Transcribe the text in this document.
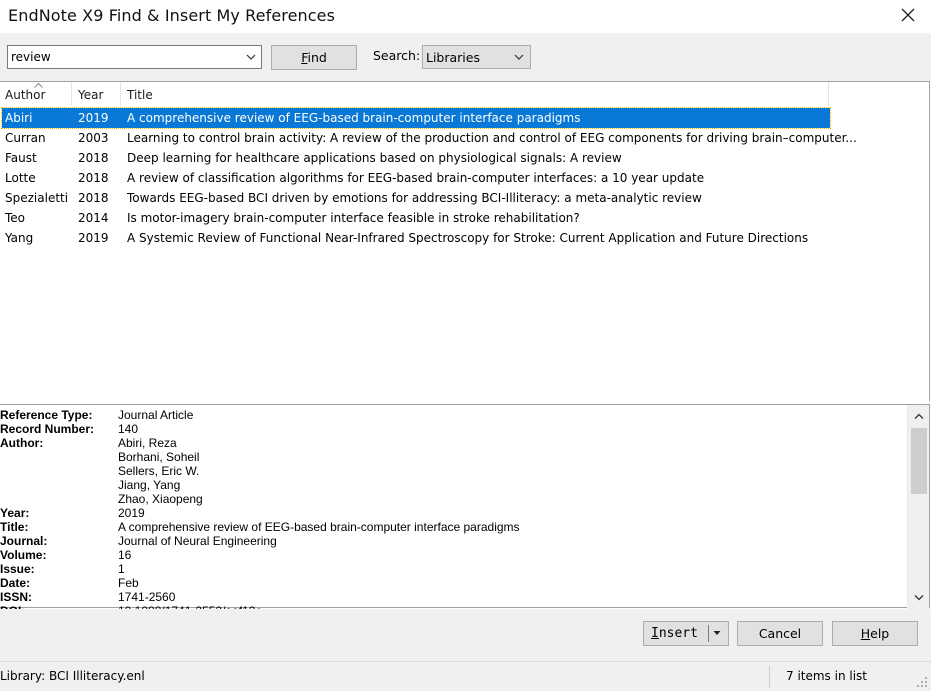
EndNote X9 Find & Insert My References
review
Find	Search: Libraries
Author	Year	Title
Abiri	2019	A comprehensive review of EEG-based brain-computer interface paradigms
Curran	2003	Learning to control brain activity: A review of the production and control of EEG components for driving brain–computer...
Faust	2018	Deep learning for healthcare applications based on physiological signals: A review
Lotte	2018	A review of classification algorithms for EEG-based brain-computer interfaces: a 10 year update
Spezialetti 2018	Towards EEG-based BCI driven by emotions for addressing BCI-Illiteracy: a meta-analytic review
Teo	2014	Is motor-imagery brain-computer interface feasible in stroke rehabilitation?
Yang	2019	A Systemic Review of Functional Near-Infrared Spectroscopy for Stroke: Current Application and Future Directions
Reference Type: Journal Article
Record Number: 140
Author:	Abiri, Reza
Borhani, Soheil
Sellers, Eric W.
Jiang, Yang
Zhao, Xiaopeng
Year:	2019
Title:	A comprehensive review of EEG-based brain-computer interface paradigms
Journal:	Journal of Neural Engineering
Volume:	16
Issue:	1
Date:	Feb
ISSN:	1741-2560
Insert	Cancel	Help
Library: BCI Illiteracy.enl	7 items in list
